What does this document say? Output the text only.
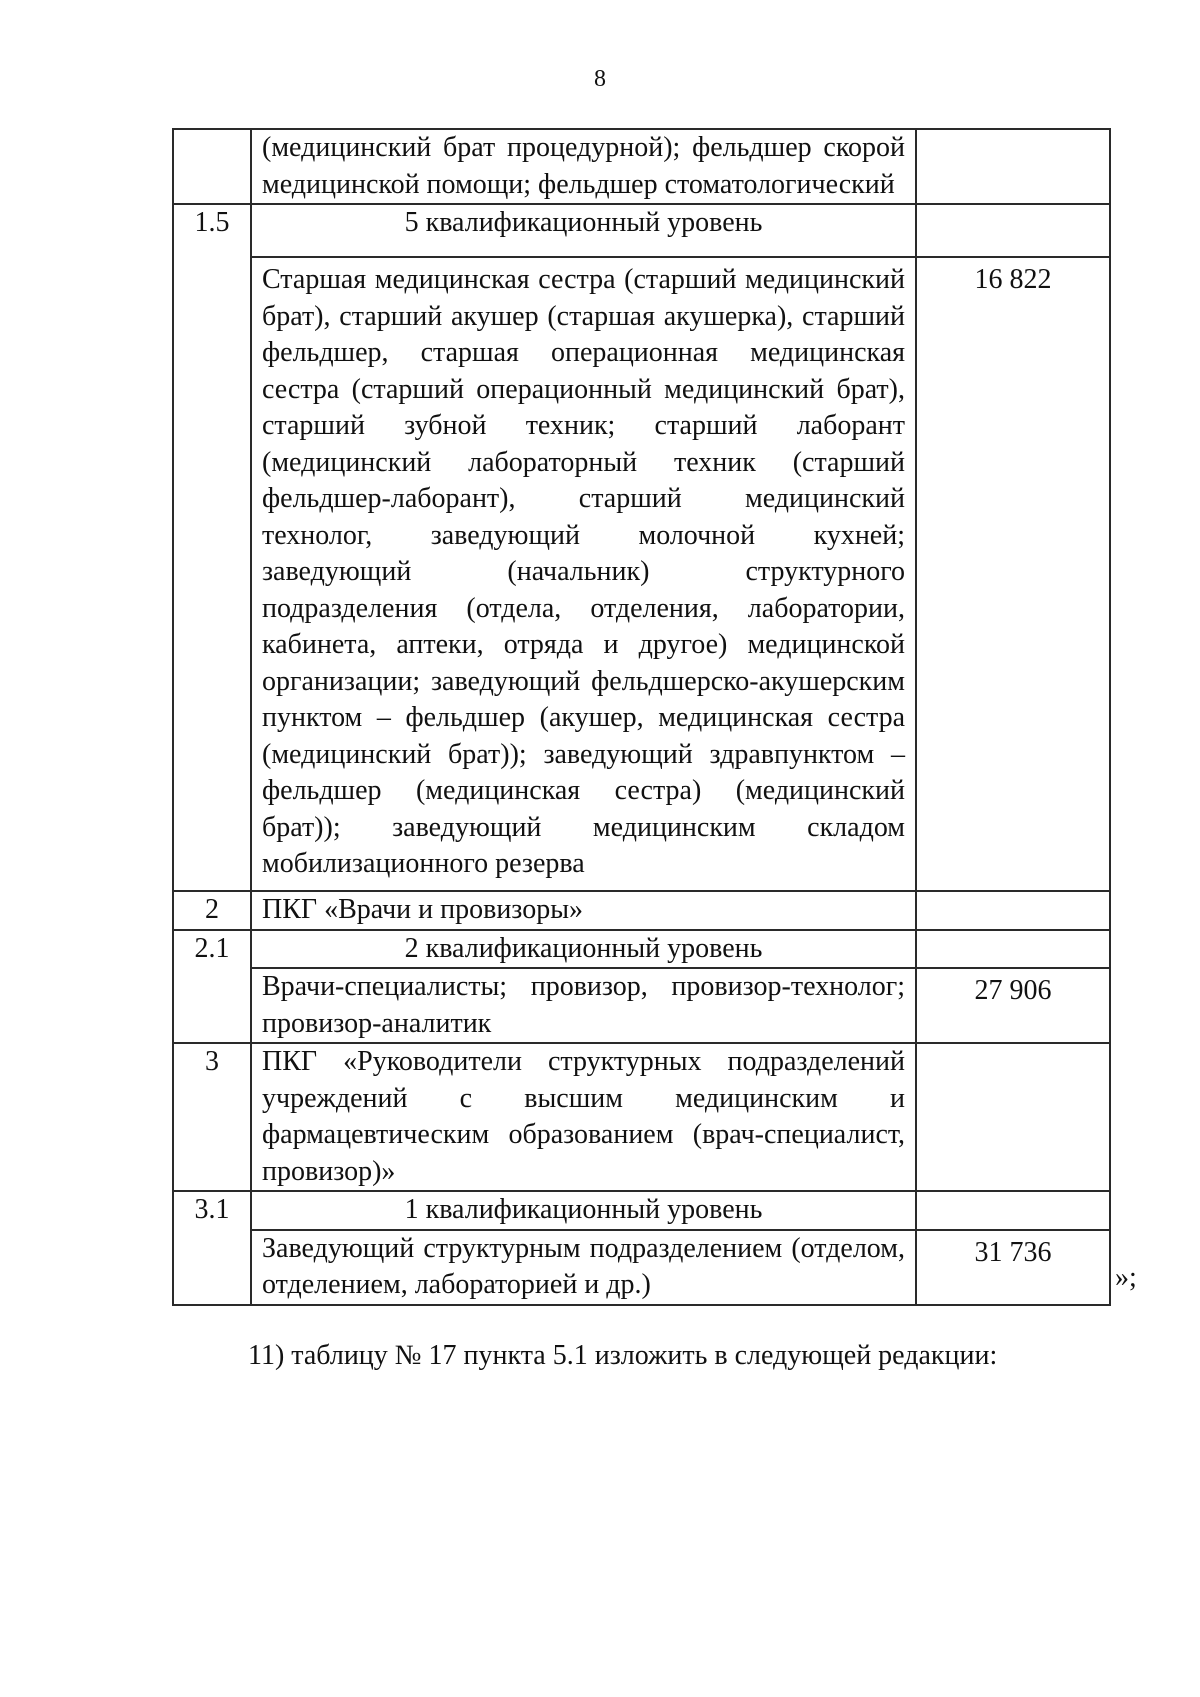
8
	(медицинский брат процедурной); фельдшер скорой медицинской помощи; фельдшер стоматологический	
1.5	5 квалификационный уровень	
	Старшая медицинская сестра (старший медицинский брат), старший акушер (старшая акушерка), старший фельдшер, старшая операционная медицинская сестра (старший операционный медицинский брат), старший зубной техник; старший лаборант (медицинский лабораторный техник (старший фельдшер-лаборант), старший медицинский технолог, заведующий молочной кухней; заведующий (начальник) структурного подразделения (отдела, отделения, лаборатории, кабинета, аптеки, отряда и другое) медицинской организации; заведующий фельдшерско-акушерским пунктом – фельдшер (акушер, медицинская сестра (медицинский брат)); заведующий здравпунктом – фельдшер (медицинская сестра) (медицинский брат)); заведующий медицинским складом мобилизационного резерва	16 822
2	ПКГ «Врачи и провизоры»	
2.1	2 квалификационный уровень	
	Врачи-специалисты; провизор, провизор-технолог; провизор-аналитик	27 906
3	ПКГ «Руководители структурных подразделений учреждений с высшим медицинским и фармацевтическим образованием (врач-специалист, провизор)»	
3.1	1 квалификационный уровень	
	Заведующий структурным подразделением (отделом, отделением, лабораторией и др.)	31 736
»;
11) таблицу № 17 пункта 5.1 изложить в следующей редакции:
